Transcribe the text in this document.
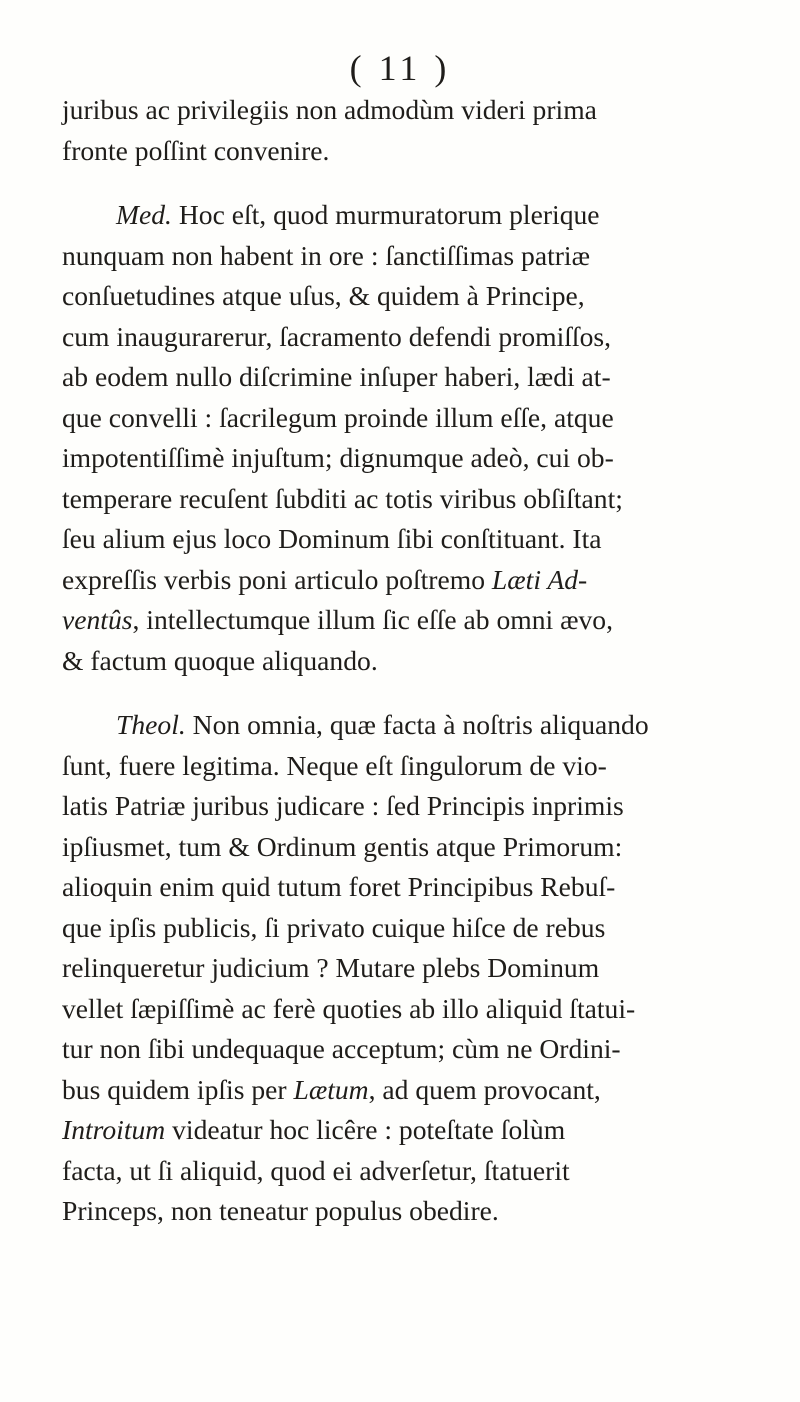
( 11 )
juribus ac privilegiis non admodùm videri prima
fronte poſſint convenire.
Med. Hoc eſt, quod murmuratorum plerique
nunquam non habent in ore : ſanctiſſimas patriæ
conſuetudines atque uſus, & quidem à Principe,
cum inaugurarerur, ſacramento defendi promiſſos,
ab eodem nullo diſcrimine inſuper haberi, lædi at-
que convelli : ſacrilegum proinde illum eſſe, atque
impotentiſſimè injuſtum; dignumque adeò, cui ob-
temperare recuſent ſubditi ac totis viribus obſiſtant;
ſeu alium ejus loco Dominum ſibi conſtituant. Ita
expreſſis verbis poni articulo poſtremo Læti Ad-
ventûs, intellectumque illum ſic eſſe ab omni ævo,
& factum quoque aliquando.
Theol. Non omnia, quæ facta à noſtris aliquando
ſunt, fuere legitima. Neque eſt ſingulorum de vio-
latis Patriæ juribus judicare : ſed Principis inprimis
ipſiusmet, tum & Ordinum gentis atque Primorum:
alioquin enim quid tutum foret Principibus Rebuſ-
que ipſis publicis, ſi privato cuique hiſce de rebus
relinqueretur judicium ? Mutare plebs Dominum
vellet ſæpiſſimè ac ferè quoties ab illo aliquid ſtatui-
tur non ſibi undequaque acceptum; cùm ne Ordini-
bus quidem ipſis per Lætum, ad quem provocant,
Introitum videatur hoc licêre : poteſtate ſolùm
facta, ut ſi aliquid, quod ei adverſetur, ſtatuerit
Princeps, non teneatur populus obedire.
